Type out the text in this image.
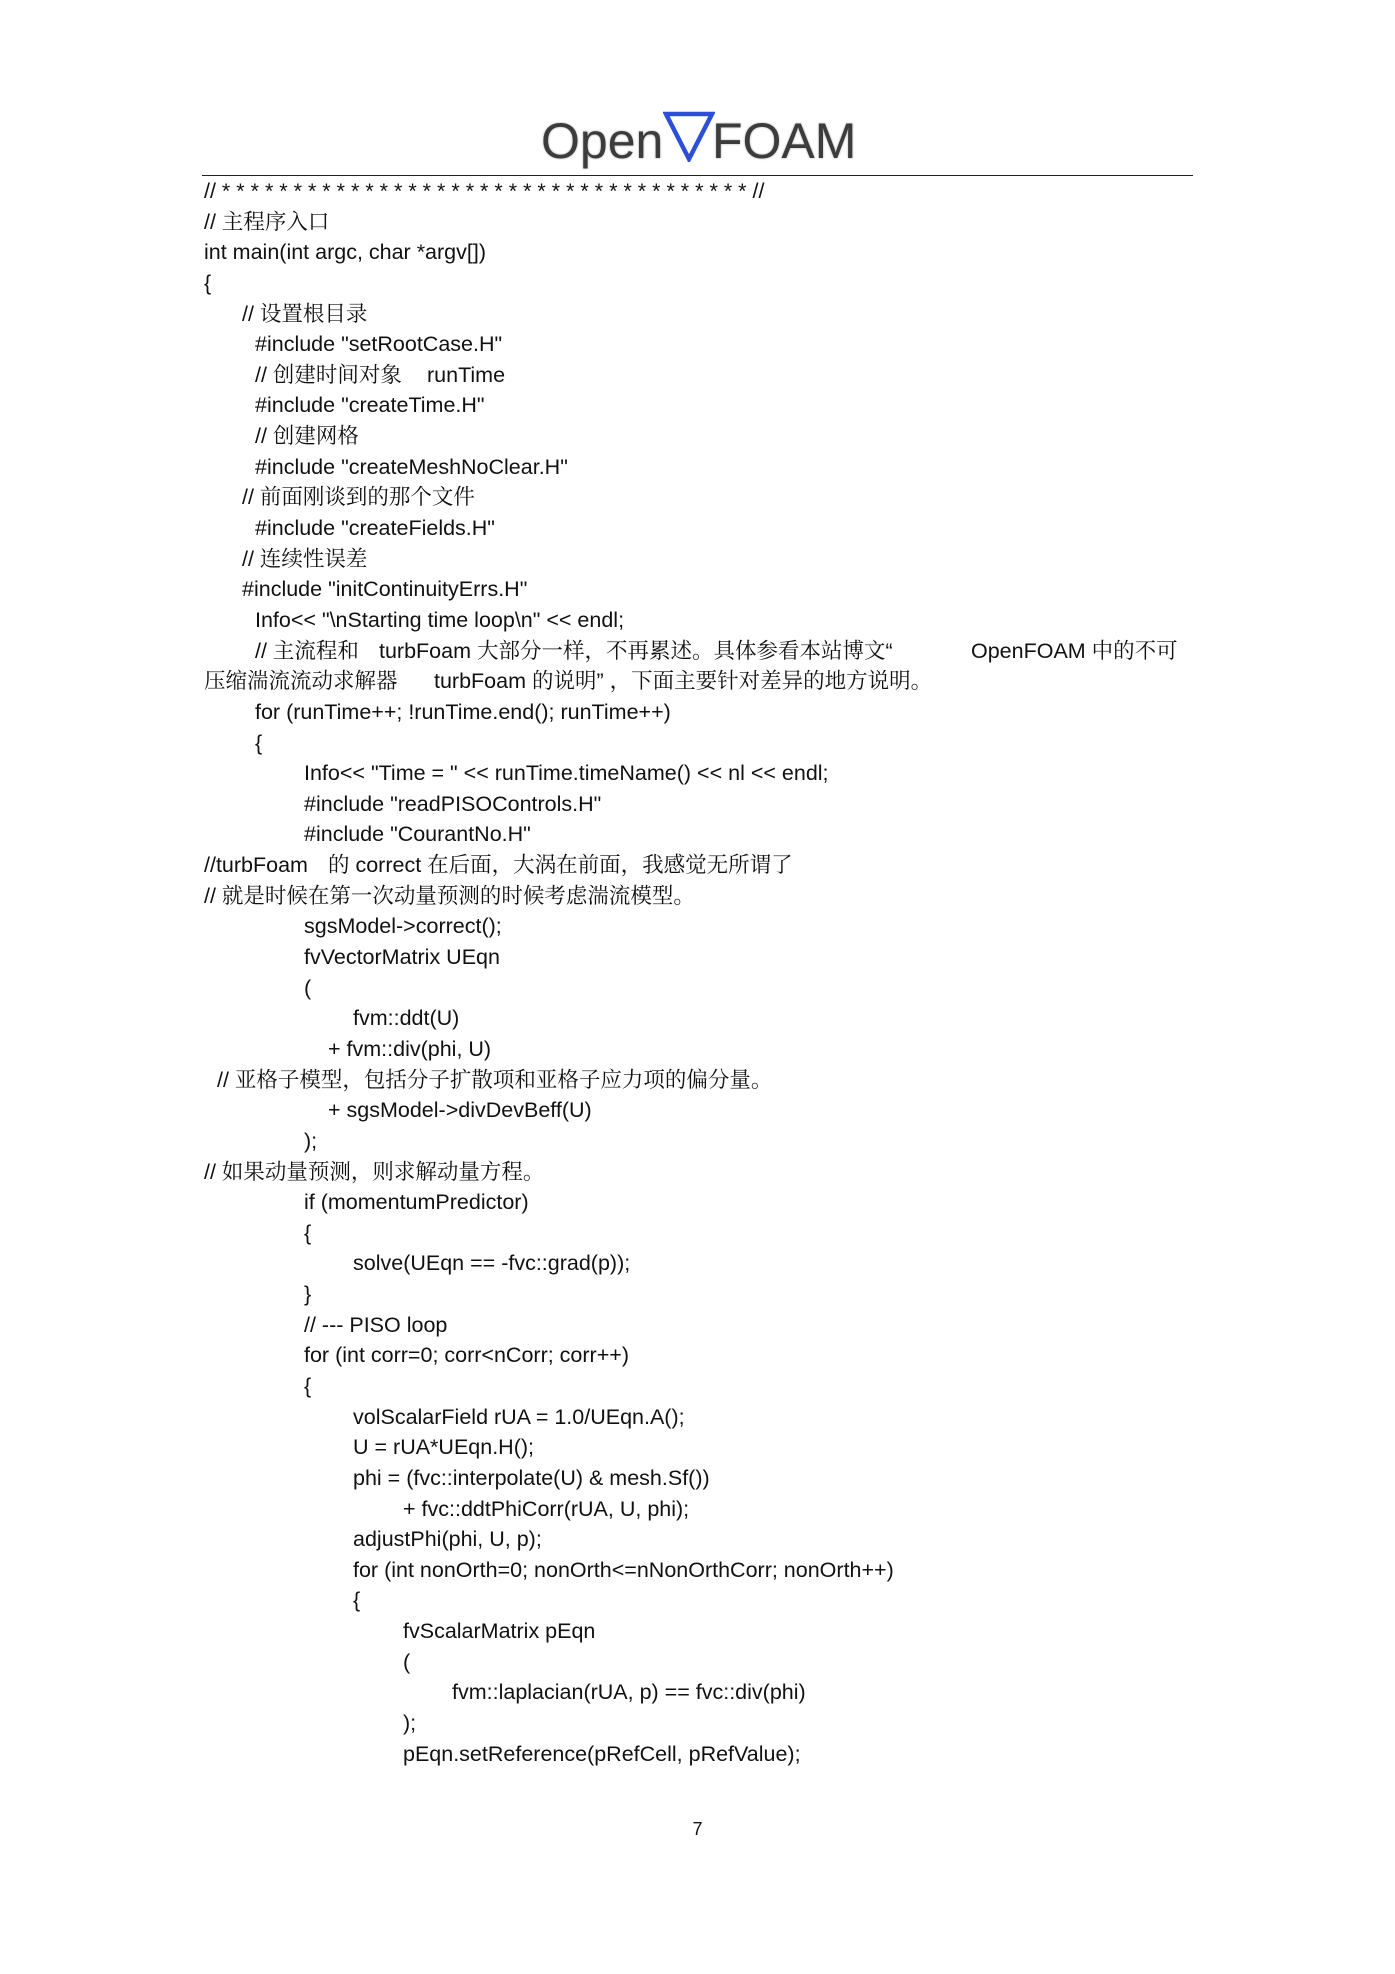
Open FOAM
// * * * * * * * * * * * * * * * * * * * * * * * * * * * * * * * * * * * * * //
// 主程序入口
int main(int argc, char *argv[])
{
// 设置根目录
#include "setRootCase.H"
// 创建时间对象 runTime
#include "createTime.H"
// 创建网格
#include "createMeshNoClear.H"
// 前面刚谈到的那个文件
#include "createFields.H"
// 连续性误差
#include "initContinuityErrs.H"
Info<< "\nStarting time loop\n" << endl;
// 主流程和 turbFoam 大部分一样，不再累述。具体参看本站博文“	OpenFOAM 中的不可
压缩湍流流动求解器 turbFoam 的说明” ，下面主要针对差异的地方说明。
for (runTime++; !runTime.end(); runTime++)
{
Info<< "Time = " << runTime.timeName() << nl << endl;
#include "readPISOControls.H"
#include "CourantNo.H"
//turbFoam 的 correct 在后面，大涡在前面，我感觉无所谓了
// 就是时候在第一次动量预测的时候考虑湍流模型。
sgsModel->correct();
fvVectorMatrix UEqn
(
fvm::ddt(U)
+ fvm::div(phi, U)
// 亚格子模型，包括分子扩散项和亚格子应力项的偏分量。
+ sgsModel->divDevBeff(U)
);
// 如果动量预测，则求解动量方程。
if (momentumPredictor)
{
solve(UEqn == -fvc::grad(p));
}
// --- PISO loop
for (int corr=0; corr<nCorr; corr++)
{
volScalarField rUA = 1.0/UEqn.A();
U = rUA*UEqn.H();
phi = (fvc::interpolate(U) & mesh.Sf())
+ fvc::ddtPhiCorr(rUA, U, phi);
adjustPhi(phi, U, p);
for (int nonOrth=0; nonOrth<=nNonOrthCorr; nonOrth++)
{
fvScalarMatrix pEqn
(
fvm::laplacian(rUA, p) == fvc::div(phi)
);
pEqn.setReference(pRefCell, pRefValue);
7
